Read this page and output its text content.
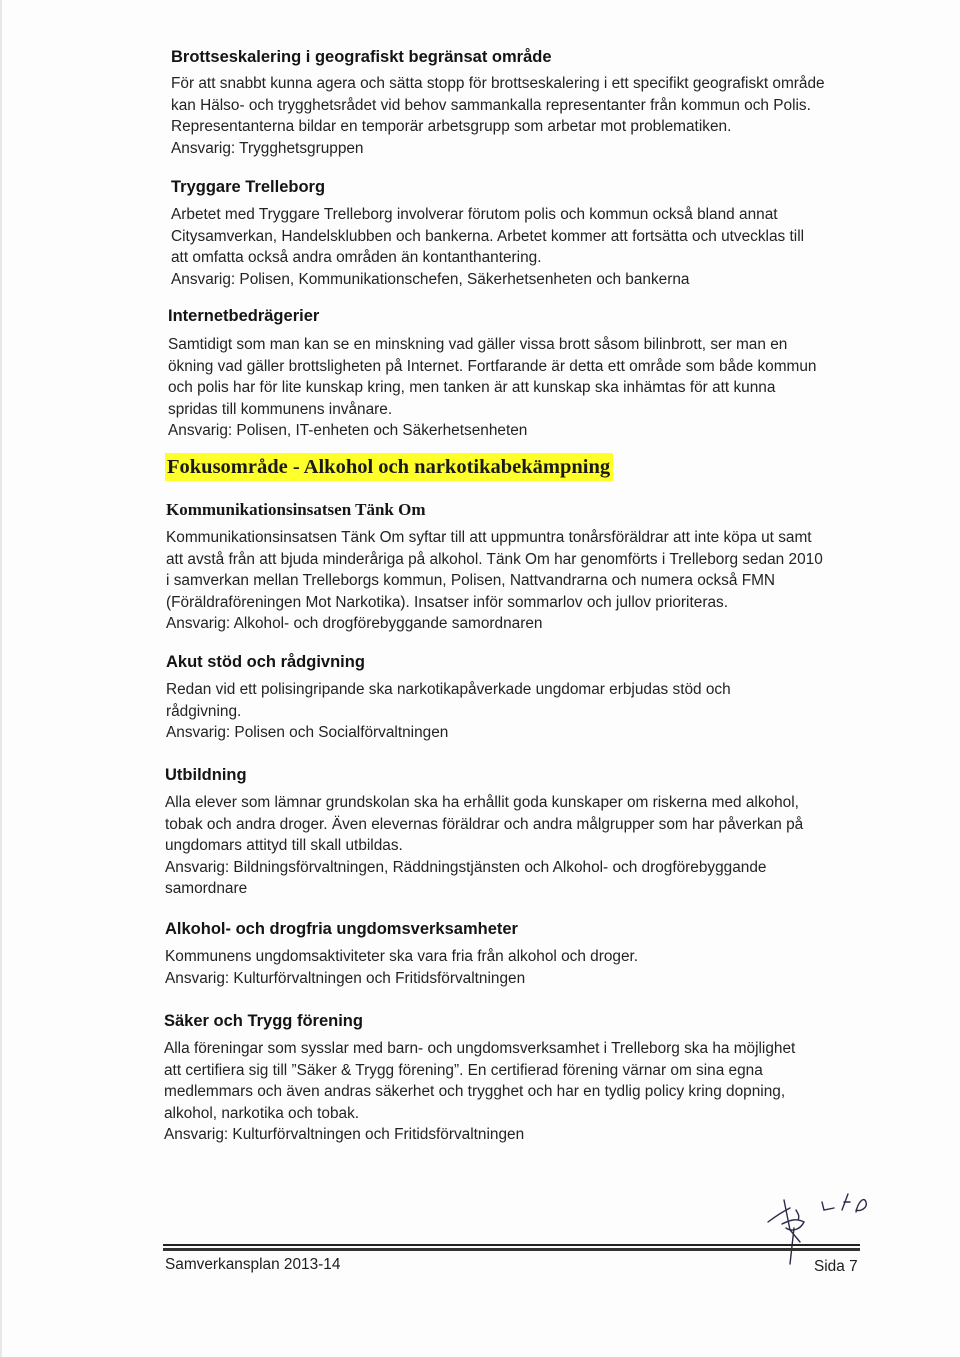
Brottseskalering i geografiskt begränsat område

För att snabbt kunna agera och sätta stopp för brottseskalering i ett specifikt geografiskt område
kan Hälso- och trygghetsrådet vid behov sammankalla representanter från kommun och Polis.
Representanterna bildar en temporär arbetsgrupp som arbetar mot problematiken.
Ansvarig: Trygghetsgruppen

Tryggare Trelleborg

Arbetet med Tryggare Trelleborg involverar förutom polis och kommun också bland annat
Citysamverkan, Handelsklubben och bankerna. Arbetet kommer att fortsätta och utvecklas till
att omfatta också andra områden än kontanthantering.
Ansvarig: Polisen, Kommunikationschefen, Säkerhetsenheten och bankerna

Internetbedrägerier

Samtidigt som man kan se en minskning vad gäller vissa brott såsom bilinbrott, ser man en
ökning vad gäller brottsligheten på Internet. Fortfarande är detta ett område som både kommun
och polis har för lite kunskap kring, men tanken är att kunskap ska inhämtas för att kunna
spridas till kommunens invånare.
Ansvarig: Polisen, IT-enheten och Säkerhetsenheten

Fokusområde - Alkohol och narkotikabekämpning
Kommunikationsinsatsen Tänk Om

Kommunikationsinsatsen Tänk Om syftar till att uppmuntra tonårsföräldrar att inte köpa ut samt
att avstå från att bjuda minderåriga på alkohol. Tänk Om har genomförts i Trelleborg sedan 2010
i samverkan mellan Trelleborgs kommun, Polisen, Nattvandrarna och numera också FMN
(Föräldraföreningen Mot Narkotika). Insatser inför sommarlov och jullov prioriteras.
Ansvarig: Alkohol- och drogförebyggande samordnaren

Akut stöd och rådgivning

Redan vid ett polisingripande ska narkotikapåverkade ungdomar erbjudas stöd och
rådgivning.
Ansvarig: Polisen och Socialförvaltningen

Utbildning

Alla elever som lämnar grundskolan ska ha erhållit goda kunskaper om riskerna med alkohol,
tobak och andra droger. Även elevernas föräldrar och andra målgrupper som har påverkan på
ungdomars attityd till skall utbildas.
Ansvarig: Bildningsförvaltningen, Räddningstjänsten och Alkohol- och drogförebyggande
samordnare

Alkohol- och drogfria ungdomsverksamheter

Kommunens ungdomsaktiviteter ska vara fria från alkohol och droger.
Ansvarig: Kulturförvaltningen och Fritidsförvaltningen

Säker och Trygg förening

Alla föreningar som sysslar med barn- och ungdomsverksamhet i Trelleborg ska ha möjlighet
att certifiera sig till ”Säker & Trygg förening”. En certifierad förening värnar om sina egna
medlemmars och även andras säkerhet och trygghet och har en tydlig policy kring dopning,
alkohol, narkotika och tobak.
Ansvarig: Kulturförvaltningen och Fritidsförvaltningen

Samverkansplan 2013-14	Sida 7
